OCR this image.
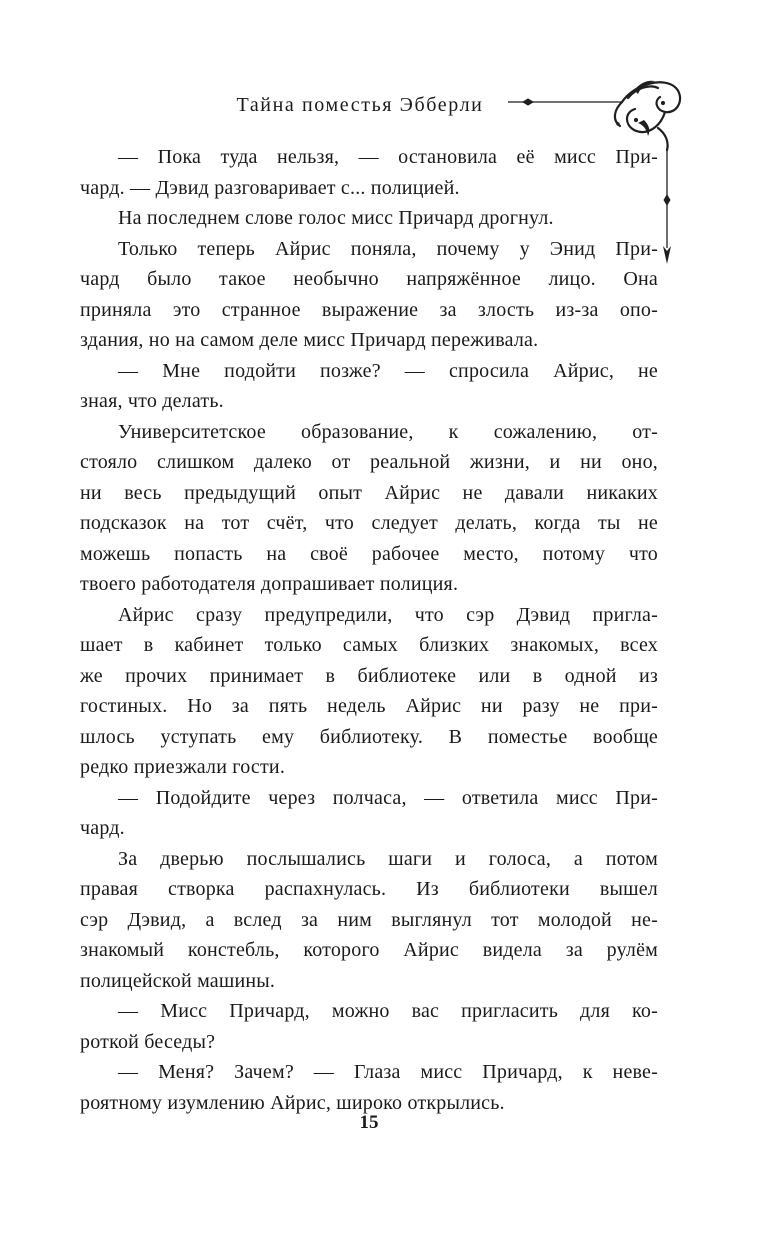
Тайна поместья Эбберли
— Пока туда нельзя, — остановила её мисс При-
чард. — Дэвид разговаривает с... полицией.
На последнем слове голос мисс Причард дрогнул.
Только теперь Айрис поняла, почему у Энид При-
чард было такое необычно напряжённое лицо. Она
приняла это странное выражение за злость из-за опо-
здания, но на самом деле мисс Причард переживала.
— Мне подойти позже? — спросила Айрис, не
зная, что делать.
Университетское образование, к сожалению, от-
стояло слишком далеко от реальной жизни, и ни оно,
ни весь предыдущий опыт Айрис не давали никаких
подсказок на тот счёт, что следует делать, когда ты не
можешь попасть на своё рабочее место, потому что
твоего работодателя допрашивает полиция.
Айрис сразу предупредили, что сэр Дэвид пригла-
шает в кабинет только самых близких знакомых, всех
же прочих принимает в библиотеке или в одной из
гостиных. Но за пять недель Айрис ни разу не при-
шлось уступать ему библиотеку. В поместье вообще
редко приезжали гости.
— Подойдите через полчаса, — ответила мисс При-
чард.
За дверью послышались шаги и голоса, а потом
правая створка распахнулась. Из библиотеки вышел
сэр Дэвид, а вслед за ним выглянул тот молодой не-
знакомый констебль, которого Айрис видела за рулём
полицейской машины.
— Мисс Причард, можно вас пригласить для ко-
роткой беседы?
— Меня? Зачем? — Глаза мисс Причард, к неве-
роятному изумлению Айрис, широко открылись.
15
